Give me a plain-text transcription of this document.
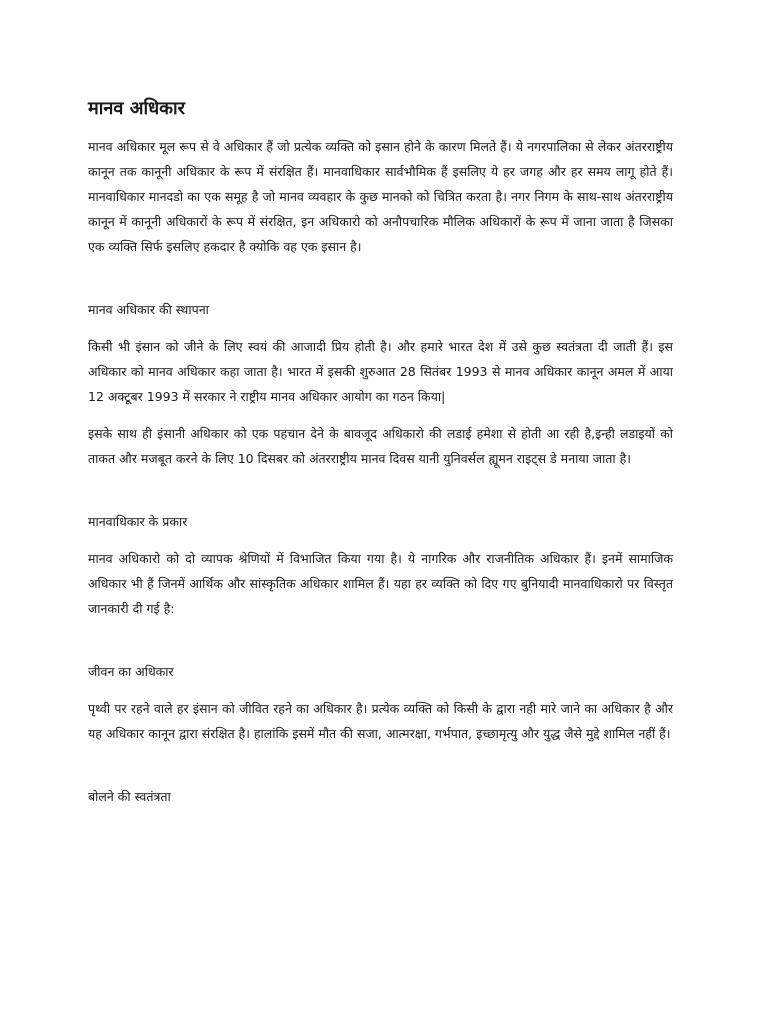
मानव अधिकार

मानव अधिकार मूल रूप से वे अधिकार हैं जो प्रत्येक व्यक्ति को इसान होने के कारण मिलते हैं। ये नगरपालिका से लेकर अंतरराष्ट्रीय कानून तक कानूनी अधिकार के रूप में संरक्षित हैं। मानवाधिकार सार्वभौमिक हैं इसलिए ये हर जगह और हर समय लागू होते हैं। मानवाधिकार मानदडो का एक समूह है जो मानव व्यवहार के कुछ मानको को चित्रित करता है। नगर निगम के साथ-साथ अंतरराष्ट्रीय कानून में कानूनी अधिकारों के रूप में संरक्षित, इन अधिकारो को अनौपचारिक मौलिक अधिकारों के रूप में जाना जाता है जिसका एक व्यक्ति सिर्फ इसलिए हकदार है क्योकि वह एक इसान है।

मानव अधिकार की स्थापना

किसी भी इंसान को जीने के लिए स्वयं की आजादी प्रिय होती है। और हमारे भारत देश में उसे कुछ स्वतंत्रता दी जाती हैं। इस अधिकार को मानव अधिकार कहा जाता है। भारत में इसकी शुरुआत 28 सितंबर 1993 से मानव अधिकार कानून अमल में आया 12 अक्टूबर 1993 में सरकार ने राष्ट्रीय मानव अधिकार आयोग का गठन किया|

इसके साथ ही इंसानी अधिकार को एक पहचान देने के बावजूद अधिकारो की लडाई हमेशा से होती आ रही है,इन्ही लडाइयों को ताकत और मजबूत करने के लिए 10 दिसबर को अंतरराष्ट्रीय मानव दिवस यानी युनिवर्सल ह्यूमन राइट्स डे मनाया जाता है।

मानवाधिकार के प्रकार

मानव अधिकारो को दो व्यापक श्रेणियों में विभाजित किया गया है। ये नागरिक और राजनीतिक अधिकार हैं। इनमें सामाजिक अधिकार भी हैं जिनमें आर्थिक और सांस्कृतिक अधिकार शामिल हैं। यहा हर व्यक्ति को दिए गए बुनियादी मानवाधिकारो पर विस्तृत जानकारी दी गई है:

जीवन का अधिकार

पृथ्वी पर रहने वाले हर इंसान को जीवित रहने का अधिकार है। प्रत्येक व्यक्ति को किसी के द्वारा नही मारे जाने का अधिकार है और यह अधिकार कानून द्वारा संरक्षित है। हालांकि इसमें मौत की सजा, आत्मरक्षा, गर्भपात, इच्छामृत्यु और युद्ध जैसे मुद्दे शामिल नहीं हैं।

बोलने की स्वतंत्रता
